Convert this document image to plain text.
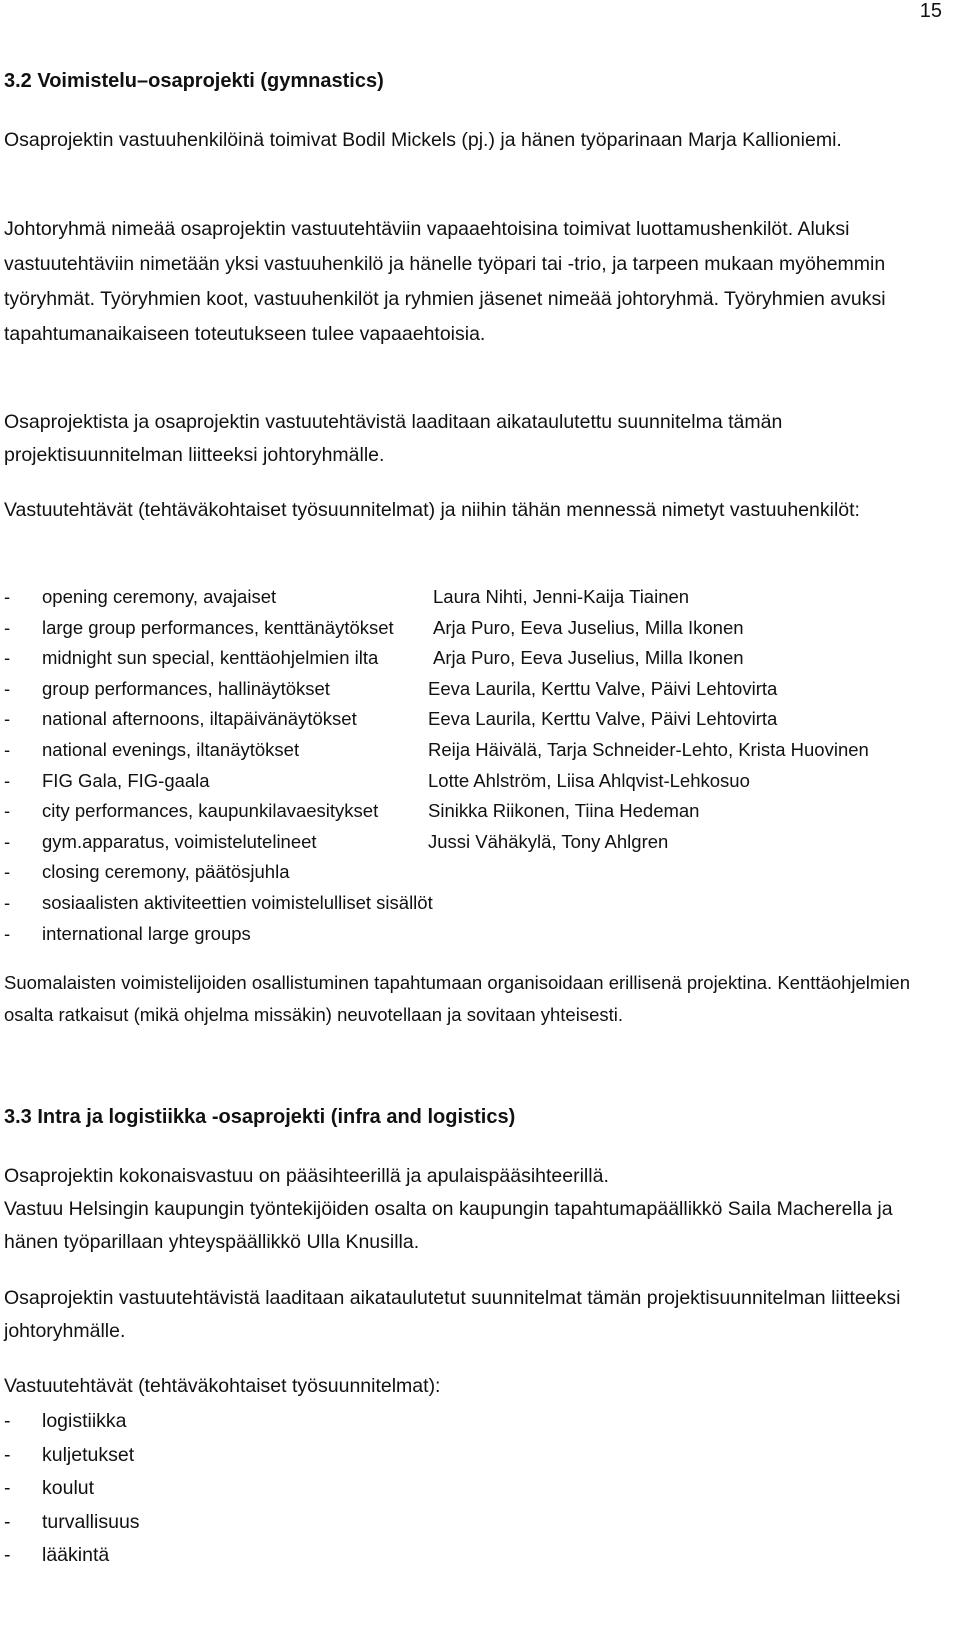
15
3.2 Voimistelu–osaprojekti (gymnastics)

Osaprojektin vastuuhenkilöinä toimivat Bodil Mickels (pj.) ja hänen työparinaan Marja Kallioniemi.

Johtoryhmä nimeää osaprojektin vastuutehtäviin vapaaehtoisina toimivat luottamushenkilöt. Aluksi vastuutehtäviin nimetään yksi vastuuhenkilö ja hänelle työpari tai -trio, ja tarpeen mukaan myöhemmin työryhmät. Työryhmien koot, vastuuhenkilöt ja ryhmien jäsenet nimeää johtoryhmä. Työryhmien avuksi tapahtumanaikaiseen toteutukseen tulee vapaaehtoisia.

Osaprojektista ja osaprojektin vastuutehtävistä laaditaan aikataulutettu suunnitelma tämän projektisuunnitelman liitteeksi johtoryhmälle.

Vastuutehtävät (tehtäväkohtaiset työsuunnitelmat) ja niihin tähän mennessä nimetyt vastuuhenkilöt:

- opening ceremony, avajaiset	Laura Nihti, Jenni-Kaija Tiainen
- large group performances, kenttänäytökset Arja Puro, Eeva Juselius, Milla Ikonen
- midnight sun special, kenttäohjelmien ilta	Arja Puro, Eeva Juselius, Milla Ikonen
- group performances, hallinäytökset	Eeva Laurila, Kerttu Valve, Päivi Lehtovirta
- national afternoons, iltapäivänäytökset	Eeva Laurila, Kerttu Valve, Päivi Lehtovirta
- national evenings, iltanäytökset	Reija Häivälä, Tarja Schneider-Lehto, Krista Huovinen
- FIG Gala, FIG-gaala	Lotte Ahlström, Liisa Ahlqvist-Lehkosuo
- city performances, kaupunkilavaesitykset	Sinikka Riikonen, Tiina Hedeman
- gym.apparatus, voimistelutelineet	Jussi Vähäkylä, Tony Ahlgren
- closing ceremony, päätösjuhla
- sosiaalisten aktiviteettien voimistelulliset sisällöt
- international large groups

Suomalaisten voimistelijoiden osallistuminen tapahtumaan organisoidaan erillisenä projektina. Kenttäohjelmien osalta ratkaisut (mikä ohjelma missäkin) neuvotellaan ja sovitaan yhteisesti.

3.3 Intra ja logistiikka -osaprojekti (infra and logistics)

Osaprojektin kokonaisvastuu on pääsihteerillä ja apulaispääsihteerillä.

Vastuu Helsingin kaupungin työntekijöiden osalta on kaupungin tapahtumapäällikkö Saila Macherella ja hänen työparillaan yhteyspäällikkö Ulla Knusilla.

Osaprojektin vastuutehtävistä laaditaan aikataulutetut suunnitelmat tämän projektisuunnitelman liitteeksi johtoryhmälle.

Vastuutehtävät (tehtäväkohtaiset työsuunnitelmat):

- logistiikka
- kuljetukset
- koulut
- turvallisuus
- lääkintä
